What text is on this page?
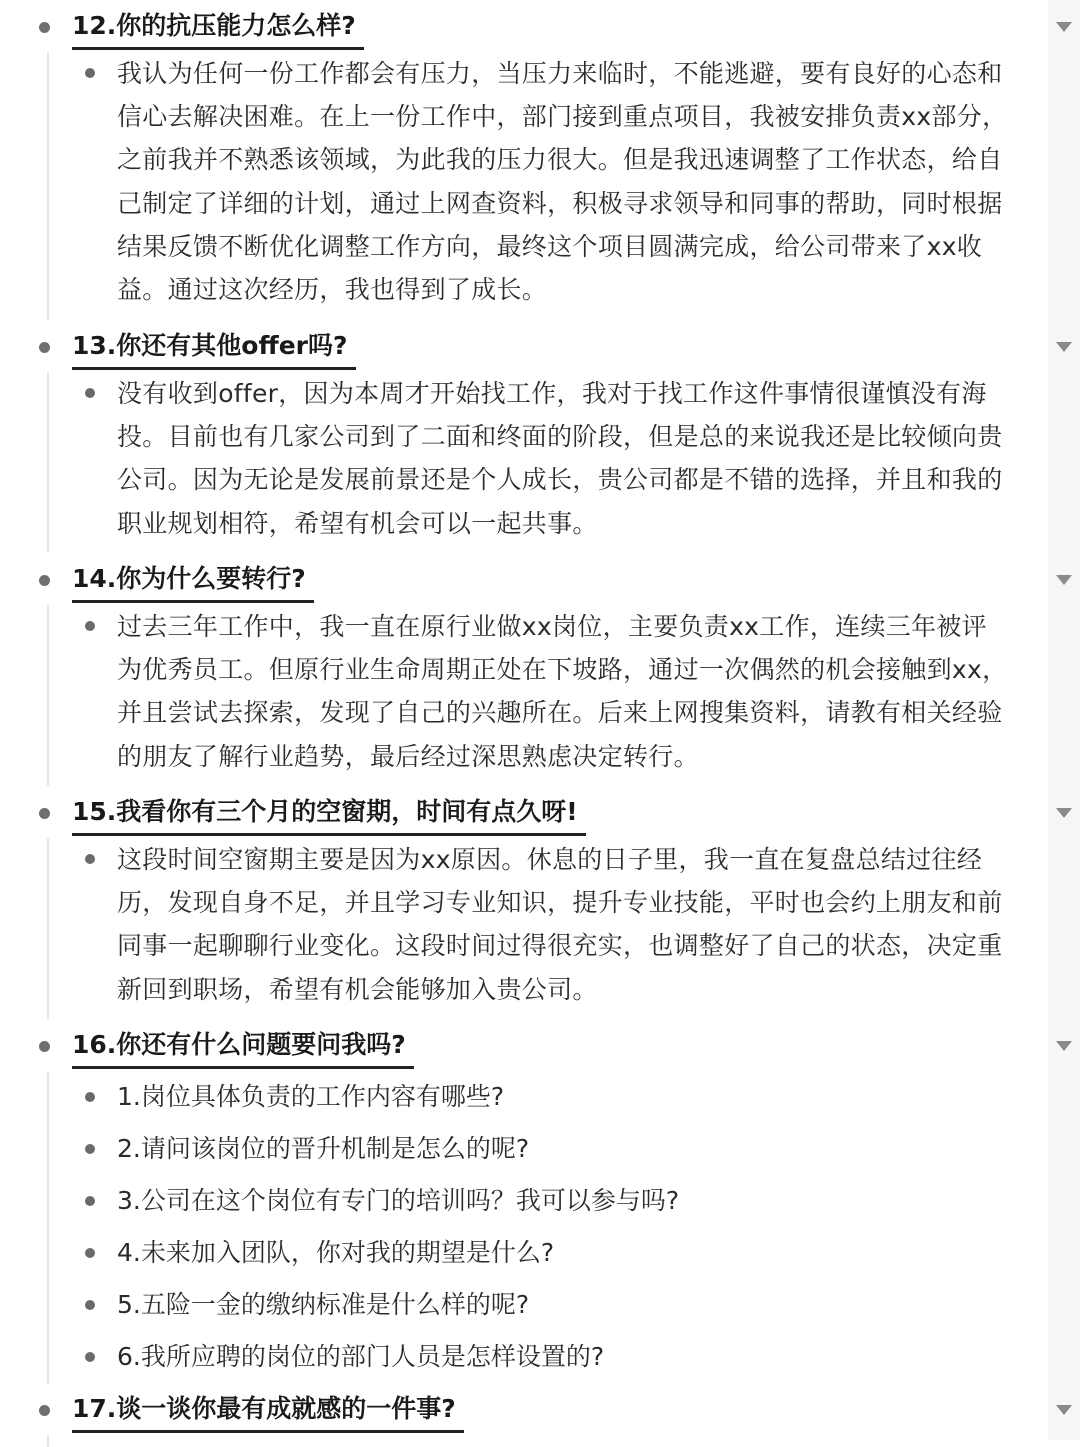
12.你的抗压能力怎么样?

我认为任何一份工作都会有压力，当压力来临时，不能逃避，要有良好的心态和信心去解决困难。在上一份工作中，部门接到重点项目，我被安排负责xx部分，之前我并不熟悉该领域，为此我的压力很大。但是我迅速调整了工作状态，给自己制定了详细的计划，通过上网查资料，积极寻求领导和同事的帮助，同时根据结果反馈不断优化调整工作方向，最终这个项目圆满完成，给公司带来了xx收益。通过这次经历，我也得到了成长。

13.你还有其他offer吗?

没有收到offer，因为本周才开始找工作，我对于找工作这件事情很谨慎没有海投。目前也有几家公司到了二面和终面的阶段，但是总的来说我还是比较倾向贵公司。因为无论是发展前景还是个人成长，贵公司都是不错的选择，并且和我的职业规划相符，希望有机会可以一起共事。

14.你为什么要转行?

过去三年工作中，我一直在原行业做xx岗位，主要负责xx工作，连续三年被评为优秀员工。但原行业生命周期正处在下坡路，通过一次偶然的机会接触到xx，并且尝试去探索，发现了自己的兴趣所在。后来上网搜集资料，请教有相关经验的朋友了解行业趋势，最后经过深思熟虑决定转行。

15.我看你有三个月的空窗期，时间有点久呀!

这段时间空窗期主要是因为xx原因。休息的日子里，我一直在复盘总结过往经历，发现自身不足，并且学习专业知识，提升专业技能，平时也会约上朋友和前同事一起聊聊行业变化。这段时间过得很充实，也调整好了自己的状态，决定重新回到职场，希望有机会能够加入贵公司。

16.你还有什么问题要问我吗?
1.岗位具体负责的工作内容有哪些?
2.请问该岗位的晋升机制是怎么的呢?
3.公司在这个岗位有专门的培训吗？我可以参与吗?
4.未来加入团队，你对我的期望是什么?
5.五险一金的缴纳标准是什么样的呢?
6.我所应聘的岗位的部门人员是怎样设置的?
17.谈一谈你最有成就感的一件事?
